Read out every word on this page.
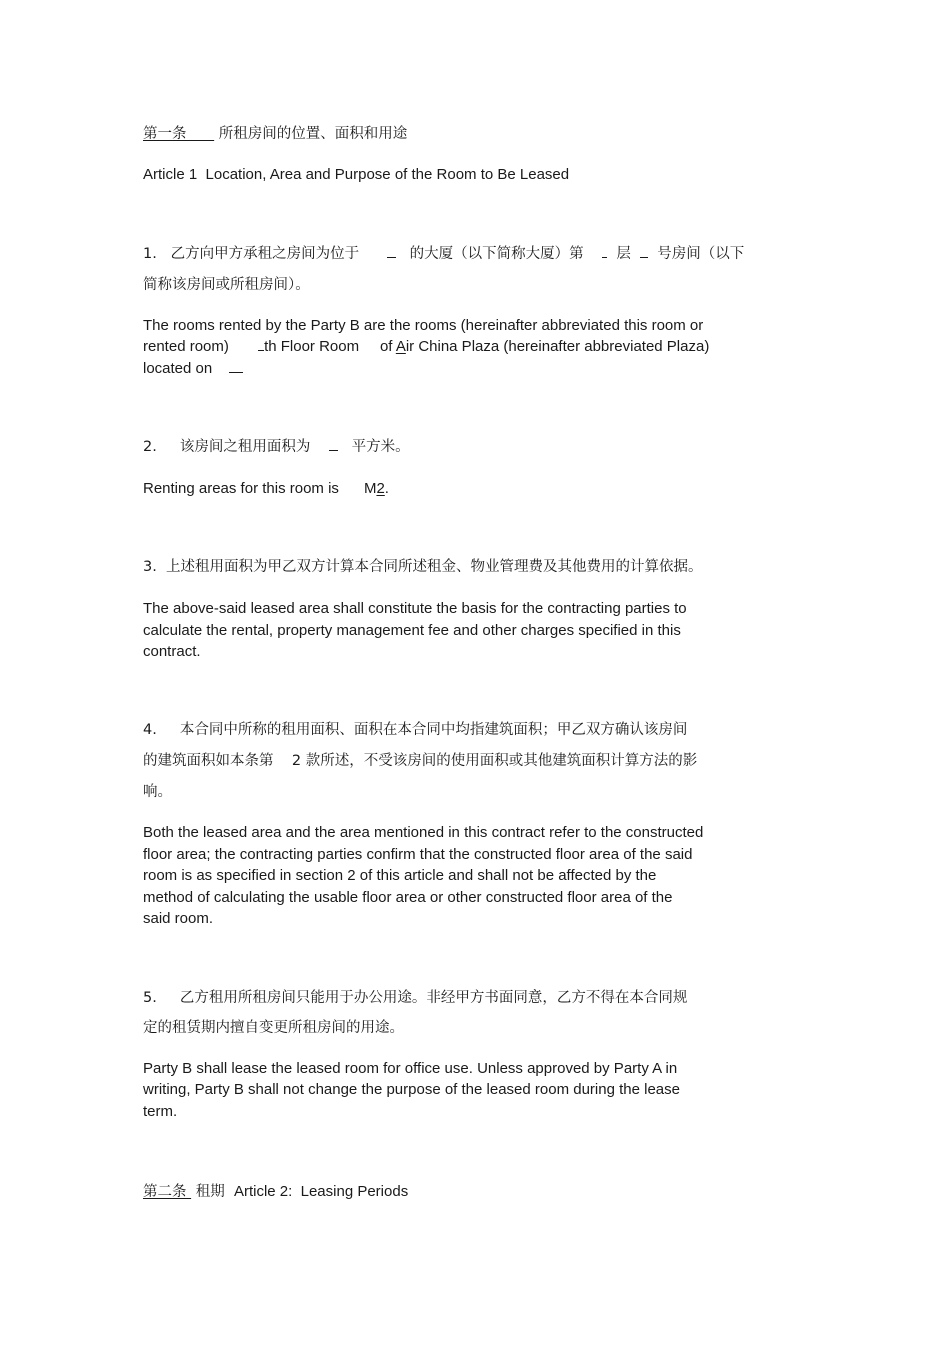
第一条 所租房间的位置、面积和用途
Article 1  Location, Area and Purpose of the Room to Be Leased
1. 乙方向甲方承租之房间为位于	的大厦（以下简称大厦）第 层 号房间（以下
简称该房间或所租房间）。
The rooms rented by the Party B are the rooms (hereinafter abbreviated this room or
rented room) th Floor Room of Air China Plaza (hereinafter abbreviated Plaza)
located on
2. 该房间之租用面积为	平方米。
Renting areas for this room is M2.
3.  上述租用面积为甲乙双方计算本合同所述租金、物业管理费及其他费用的计算依据。
The above-said leased area shall constitute the basis for the contracting parties to
calculate the rental, property management fee and other charges specified in this
contract.
4.     本合同中所称的租用面积、面积在本合同中均指建筑面积；甲乙双方确认该房间
的建筑面积如本条第    2 款所述，不受该房间的使用面积或其他建筑面积计算方法的影
响。
Both the leased area and the area mentioned in this contract refer to the constructed
floor area; the contracting parties confirm that the constructed floor area of the said
room is as specified in section 2 of this article and shall not be affected by the
method of calculating the usable floor area or other constructed floor area of the
said room.
5.     乙方租用所租房间只能用于办公用途。非经甲方书面同意，乙方不得在本合同规
定的租赁期内擅自变更所租房间的用途。
Party B shall lease the leased room for office use. Unless approved by Party A in
writing, Party B shall not change the purpose of the leased room during the lease
term.
第二条 租期 Article 2:  Leasing Periods
